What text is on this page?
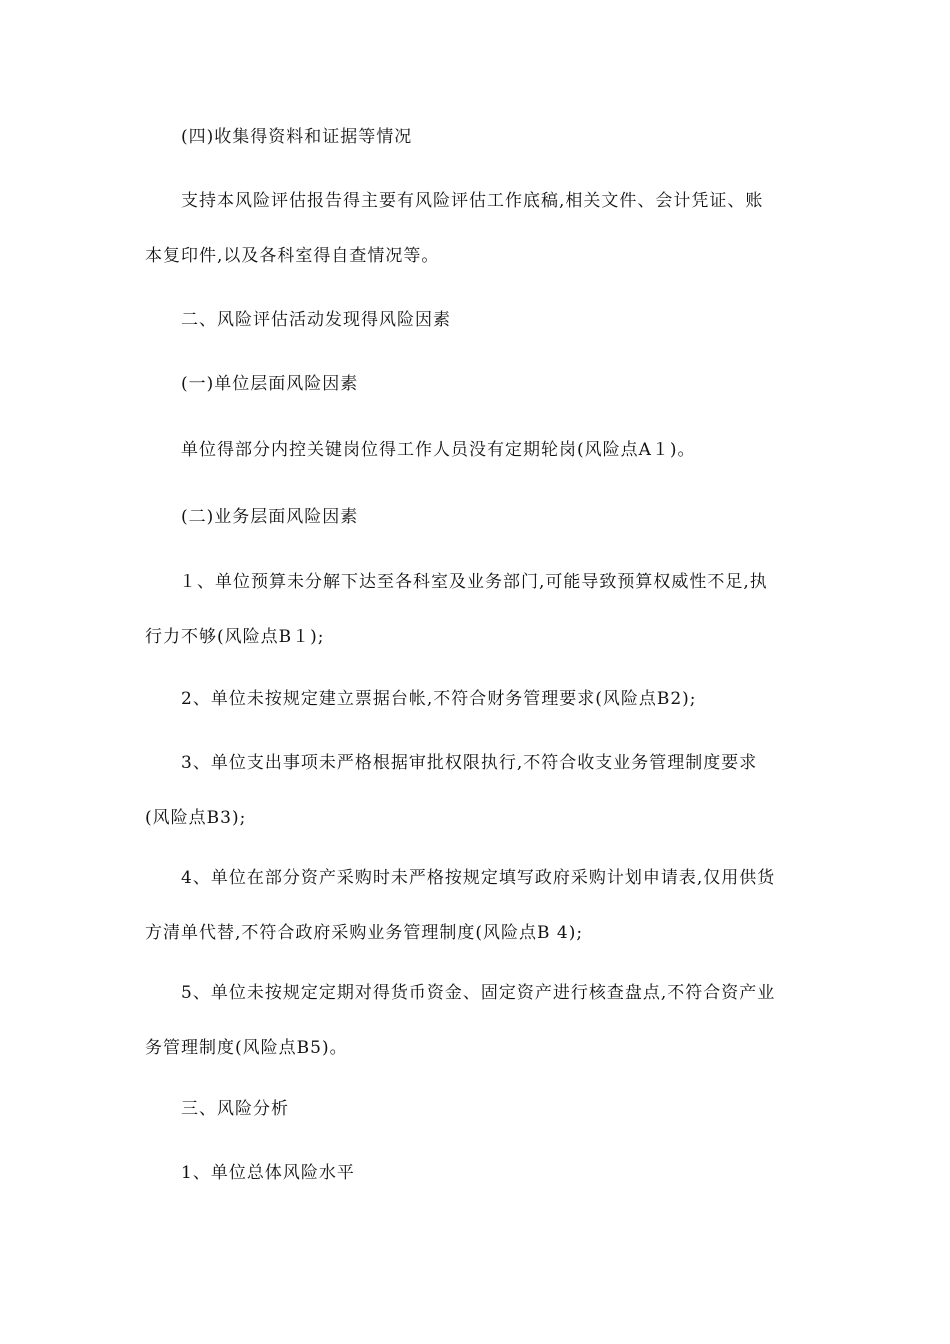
(四)收集得资料和证据等情况

支持本风险评估报告得主要有风险评估工作底稿,相关文件、会计凭证、账
本复印件,以及各科室得自查情况等。

二、风险评估活动发现得风险因素

(一)单位层面风险因素

单位得部分内控关键岗位得工作人员没有定期轮岗(风险点A１)。

(二)业务层面风险因素

１、单位预算未分解下达至各科室及业务部门,可能导致预算权威性不足,执
行力不够(风险点B１);

2、单位未按规定建立票据台帐,不符合财务管理要求(风险点B2);

3、单位支出事项未严格根据审批权限执行,不符合收支业务管理制度要求
(风险点B3);

4、单位在部分资产采购时未严格按规定填写政府采购计划申请表,仅用供货
方清单代替,不符合政府采购业务管理制度(风险点B 4);

5、单位未按规定定期对得货币资金、固定资产进行核查盘点,不符合资产业
务管理制度(风险点B5)。

三、风险分析

1、单位总体风险水平
